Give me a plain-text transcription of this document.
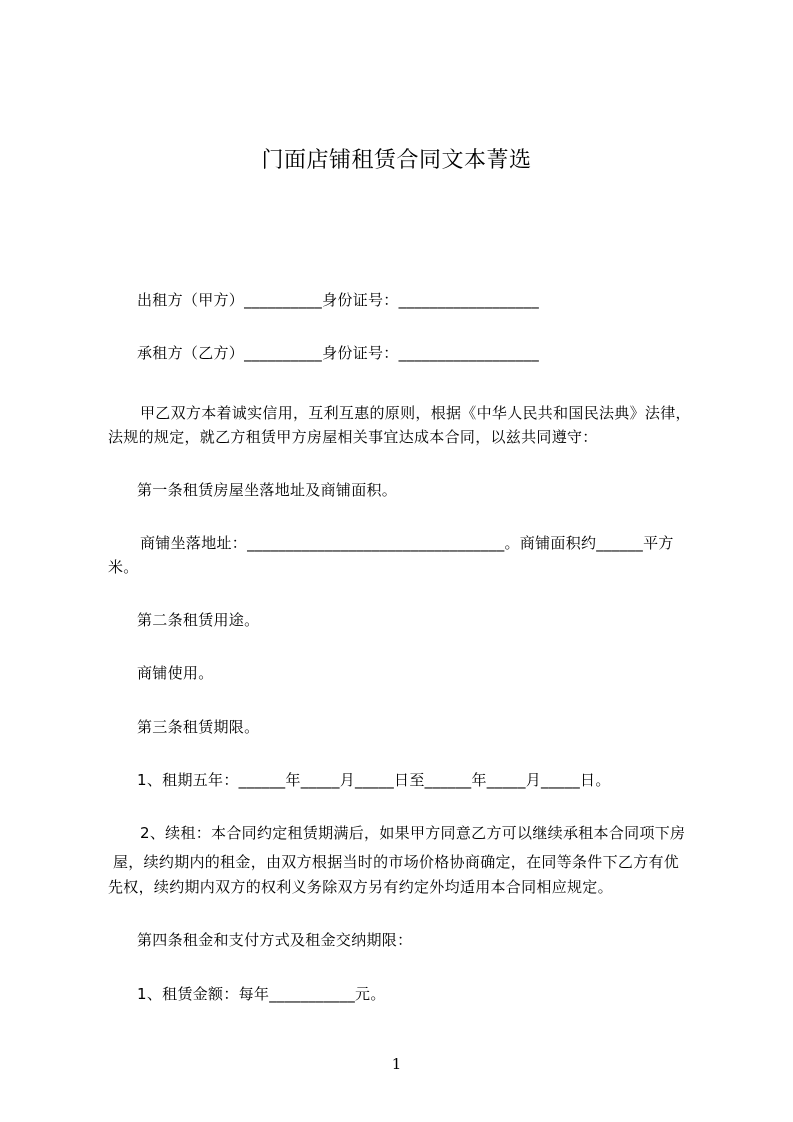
门面店铺租赁合同文本菁选
出租方（甲方）__________身份证号：__________________
承租方（乙方）__________身份证号：__________________
甲乙双方本着诚实信用，互利互惠的原则，根据《中华人民共和国民法典》法律，
法规的规定，就乙方租赁甲方房屋相关事宜达成本合同，以兹共同遵守：
第一条租赁房屋坐落地址及商铺面积。
商铺坐落地址：_________________________________。商铺面积约______平方
米。
第二条租赁用途。
商铺使用。
第三条租赁期限。
1、租期五年：______年_____月_____日至______年_____月_____日。
2、续租：本合同约定租赁期满后，如果甲方同意乙方可以继续承租本合同项下房
屋，续约期内的租金，由双方根据当时的市场价格协商确定，在同等条件下乙方有优
先权，续约期内双方的权利义务除双方另有约定外均适用本合同相应规定。
第四条租金和支付方式及租金交纳期限：
1、租赁金额：每年___________元。
1
